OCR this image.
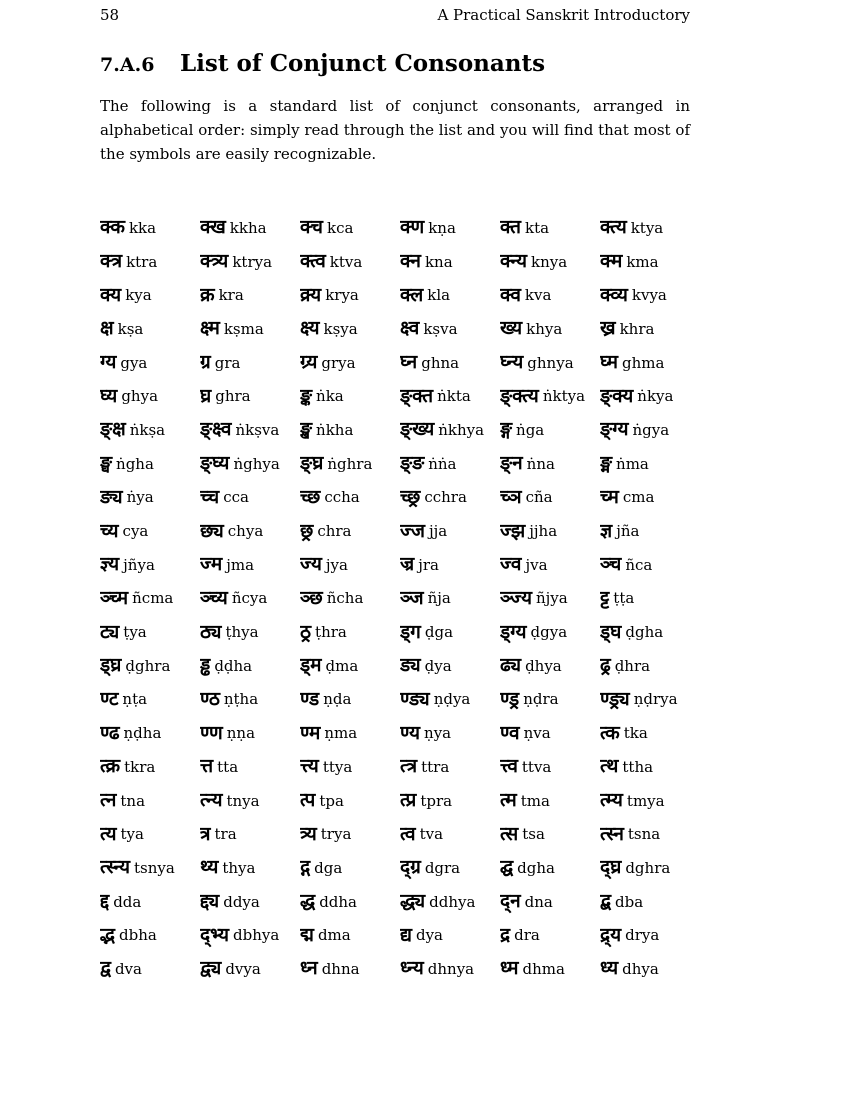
58	A Practical Sanskrit Introductory
7.A.6 List of Conjunct Consonants

The following is a standard list of conjunct consonants, arranged in alphabetical order: simply read through the list and you will find that most of the symbols are easily recognizable.

क्क kka क्ख kkha क्च kca क्ण kṇa क्त kta	क्त्य ktya
क्त्र ktra क्त्र्य ktrya क्त्व ktva क्न kna क्न्य knya क्म kma
क्य kya	क्र kra	क्र्य krya क्ल kla	क्व kva	क्व्य kvya
क्ष kṣa	क्ष्म kṣma क्ष्य kṣya क्ष्व kṣva ख्य khya ख्र khra
ग्य gya	ग्र gra	ग्र्य grya घ्न ghna घ्न्य ghnya घ्म ghma
घ्य ghya घ्र ghra	ङ्क ṅka	ङ्क्त ṅkta ङ्क्त्य ṅktya ङ्क्य ṅkya
ङ्क्ष ṅkṣa ङ्क्ष्व ṅkṣva ङ्ख ṅkha ङ्ख्य ṅkhya ङ्ग ṅga	ङ्ग्य ṅgya
ङ्घ ṅgha ङ्घ्य ṅghya ङ्घ्र ṅghra ङ्ङ ṅṅa ङ्न ṅna ङ्म ṅma
ङ्य ṅya च्च cca	च्छ ccha च्छ्र cchra च्ञ cña च्म cma
च्य cya	छ्य chya छ्र chra	ज्ज jja	ज्झ jjha ज्ञ jña
ज्ञ्य jñya ज्म jma ज्य jya	ज्र jra	ज्व jva	ञ्च ñca
ञ्च्म ñcma ञ्च्य ñcya ञ्छ ñcha ञ्ज ñja	ञ्ज्य ñjya ट्ट ṭṭa
ट्य ṭya	ठ्य ṭhya ठ्र ṭhra	ड्ग ḍga ड्ग्य ḍgya ड्घ ḍgha
ड्घ्र ḍghra ड्ढ ḍḍha	ड्म ḍma ड्य ḍya	ढ्य ḍhya ढ्र ḍhra
ण्ट ṇṭa	ण्ठ ṇṭha ण्ड ṇḍa	ण्ड्य ṇḍya ण्ड्र ṇḍra ण्ड्र्य ṇḍrya
ण्ढ ṇḍha ण्ण ṇṇa ण्म ṇma ण्य ṇya	ण्व ṇva	त्क tka
त्क्र tkra त्त tta	त्त्य ttya	त्त्र ttra	त्त्व ttva	त्थ ttha
त्न tna	त्न्य tnya त्प tpa	त्प्र tpra	त्म tma	त्म्य tmya
त्य tya	त्र tra	त्र्य trya	त्व tva	त्स tsa	त्स्न tsna
त्स्न्य tsnya थ्य thya द्ग dga	द्ग्र dgra द्घ dgha द्घ्र dghra
द्द dda	द्द्य ddya द्ध ddha द्ध्य ddhya द्न dna द्ब dba
द्भ dbha द्भ्य dbhya द्म dma	द्य dya	द्र dra	द्र्य drya
द्व dva	द्व्य dvya ध्न dhna ध्न्य dhnya ध्म dhma ध्य dhya
